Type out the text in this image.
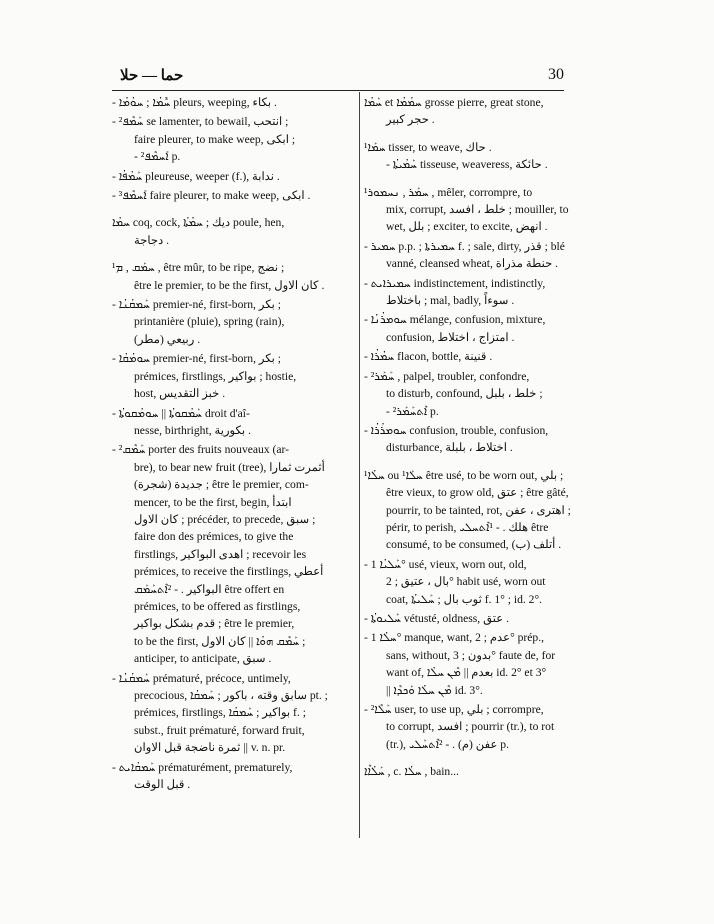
حما — حلا	30
- ܚܽܡܳܐ ; ܚܘܳܡܳܐ pleurs, weeping, بكاء .
- ²ܚܰܡܶܦ se lamenter, to bewail, انتحب ;
faire pleurer, to make weep, ابكى ;
- ²ܐܰܚܡܶܦ p.
- ܚܰܡܳܦܳܐ pleureuse, weeper (f.), ندابة .
- ³ܐܰܚܡܶܦ faire pleurer, to make weep, ابكى .
ܚܡܳܐ coq, cock, ديك ; ܚܡܳܬܳܐ poule, hen,
دجاجة .
¹ܚܡܰܩ , ܡ , être mûr, to be ripe, نضج ;
être le premier, to be the first, كان الاول .
- ܚܰܡܩܳܢܳܐ premier-né, first-born, بكر ;
printanière (pluie), spring (rain),
(مطر) ربيعي .
- ܚܘܡܳܩܳܐ premier-né, first-born, بكر ;
prémices, firstlings, بواكير ; hostie,
host, خبز التقديس .
- ܚܰܡܳܩܘܬܳܐ || ܚܘܡܳܩܘܬܳܐ droit d'aî-
nesse, birthright, بكورية .
- ²ܚܰܡܶܩ porter des fruits nouveaux (ar-
bre), to bear new fruit (tree), أثمرت ثمارا
جديدة (شجرة) ; être le premier, com-
mencer, to be the first, begin, ابتدأ
كان الاول ; précéder, to precede, سبق ;
faire don des prémices, to give the
firstlings, اهدى البواكير ; recevoir les
prémices, to receive the firstlings, أعطي
البواكير . - ²ܐܶܬܚܰܡܰܩ être offert en
prémices, to be offered as firstlings,
قدم بشكل بواكير ; être le premier,
to be the first, ܚܰܡܶܩ ܗܘܳܐ || كان الاول ;
anticiper, to anticipate, سبق .
- ܚܰܡܩܳܢܳܐ prématuré, précoce, untimely,
precocious, سابق وقته ، باكور ; ܚܰܡܩܳܐ pt. ;
prémices, firstlings, بواكير ; ܚܰܡܩܳܐ f. ;
subst., fruit prématuré, forward fruit,
ثمرة ناضجة قبل الاوان || v. n. pr.
- ܚܰܡܩܳܐܝܬ prématurément, prematurely,
قبل الوقت .
ܚܰܡܳܐ et ܚܡܳܡܳܐ grosse pierre, great stone,
حجر كبير .
¹ܚܡܰܐ tisser, to weave, حاك .
- ܚܰܡܳܝܬܳܐ tisseuse, weaveress, حائكة .
¹ܚܡܰܪ , ܢܚܡܘܪ , mêler, corrompre, to
mix, corrupt, خلط ، افسد ; mouiller, to
wet, بلل ; exciter, to excite, انهض .
- ܚܡܝܪ p.p. ; ܚܡܝܪܬܐ f. ; sale, dirty, قذر ; blé
vanné, cleansed wheat, حنطة مذراة .
- ܚܡܝܪܐܝܬ indistinctement, indistinctly,
باختلاط ; mal, badly, سوءاً .
- ܚܘܡܪܳܢܳܐ mélange, confusion, mixture,
confusion, امتزاج ، اختلاط .
- ܚܡܳܪܳܐ flacon, bottle, قنينة .
- ²ܚܰܡܰܪ , palpel, troubler, confondre,
to disturb, confound, خلط ، بلبل ;
- ²ܐܶܬܚܰܡܰܪ p.
- ܚܘܡܪܳܪܳܐ confusion, trouble, confusion,
disturbance, اختلاط ، بلبلة .
¹ܚܠܳܐ ou ¹ܚܠܰܐ être usé, to be worn out, بلي ;
être vieux, to grow old, عتق ; être gâté,
pourrir, to be tainted, rot, اهترى ، عفن ;
périr, to perish, هلك . - ¹ܐܶܬܚܠܝ être
consumé, to be consumed, أتلف (ب) .
- ܚܰܠܝܳܐ 1° usé, vieux, worn out, old,
بال ، عتيق ; 2° habit usé, worn out
coat, ثوب بال ; ܚܰܠܝܬܳܐ f. 1° ; id. 2°.
- ܚܰܠܝܘܬܳܐ vétusté, oldness, عتق .
- ܚܠܳܐ 1° manque, want, عدم ; 2° prép.,
sans, without, بدون ; 3° faute de, for
want of, بعدم || ܡܶܢ ܚܠܳܐ id. 2° et 3°
|| ܡܶܢ ܚܠܳܐ ܘܰܟܕܶܐ id. 3°.
- ²ܚܰܠܶܐ user, to use up, بلي ; corrompre,
to corrupt, افسد ; pourrir (tr.), to rot
(tr.), عفن (م) . - ²ܐܶܬܚܰܠܝ p.
ܚܰܠܳܐܶܐ , c. ܚܠܳܐ , bain...
